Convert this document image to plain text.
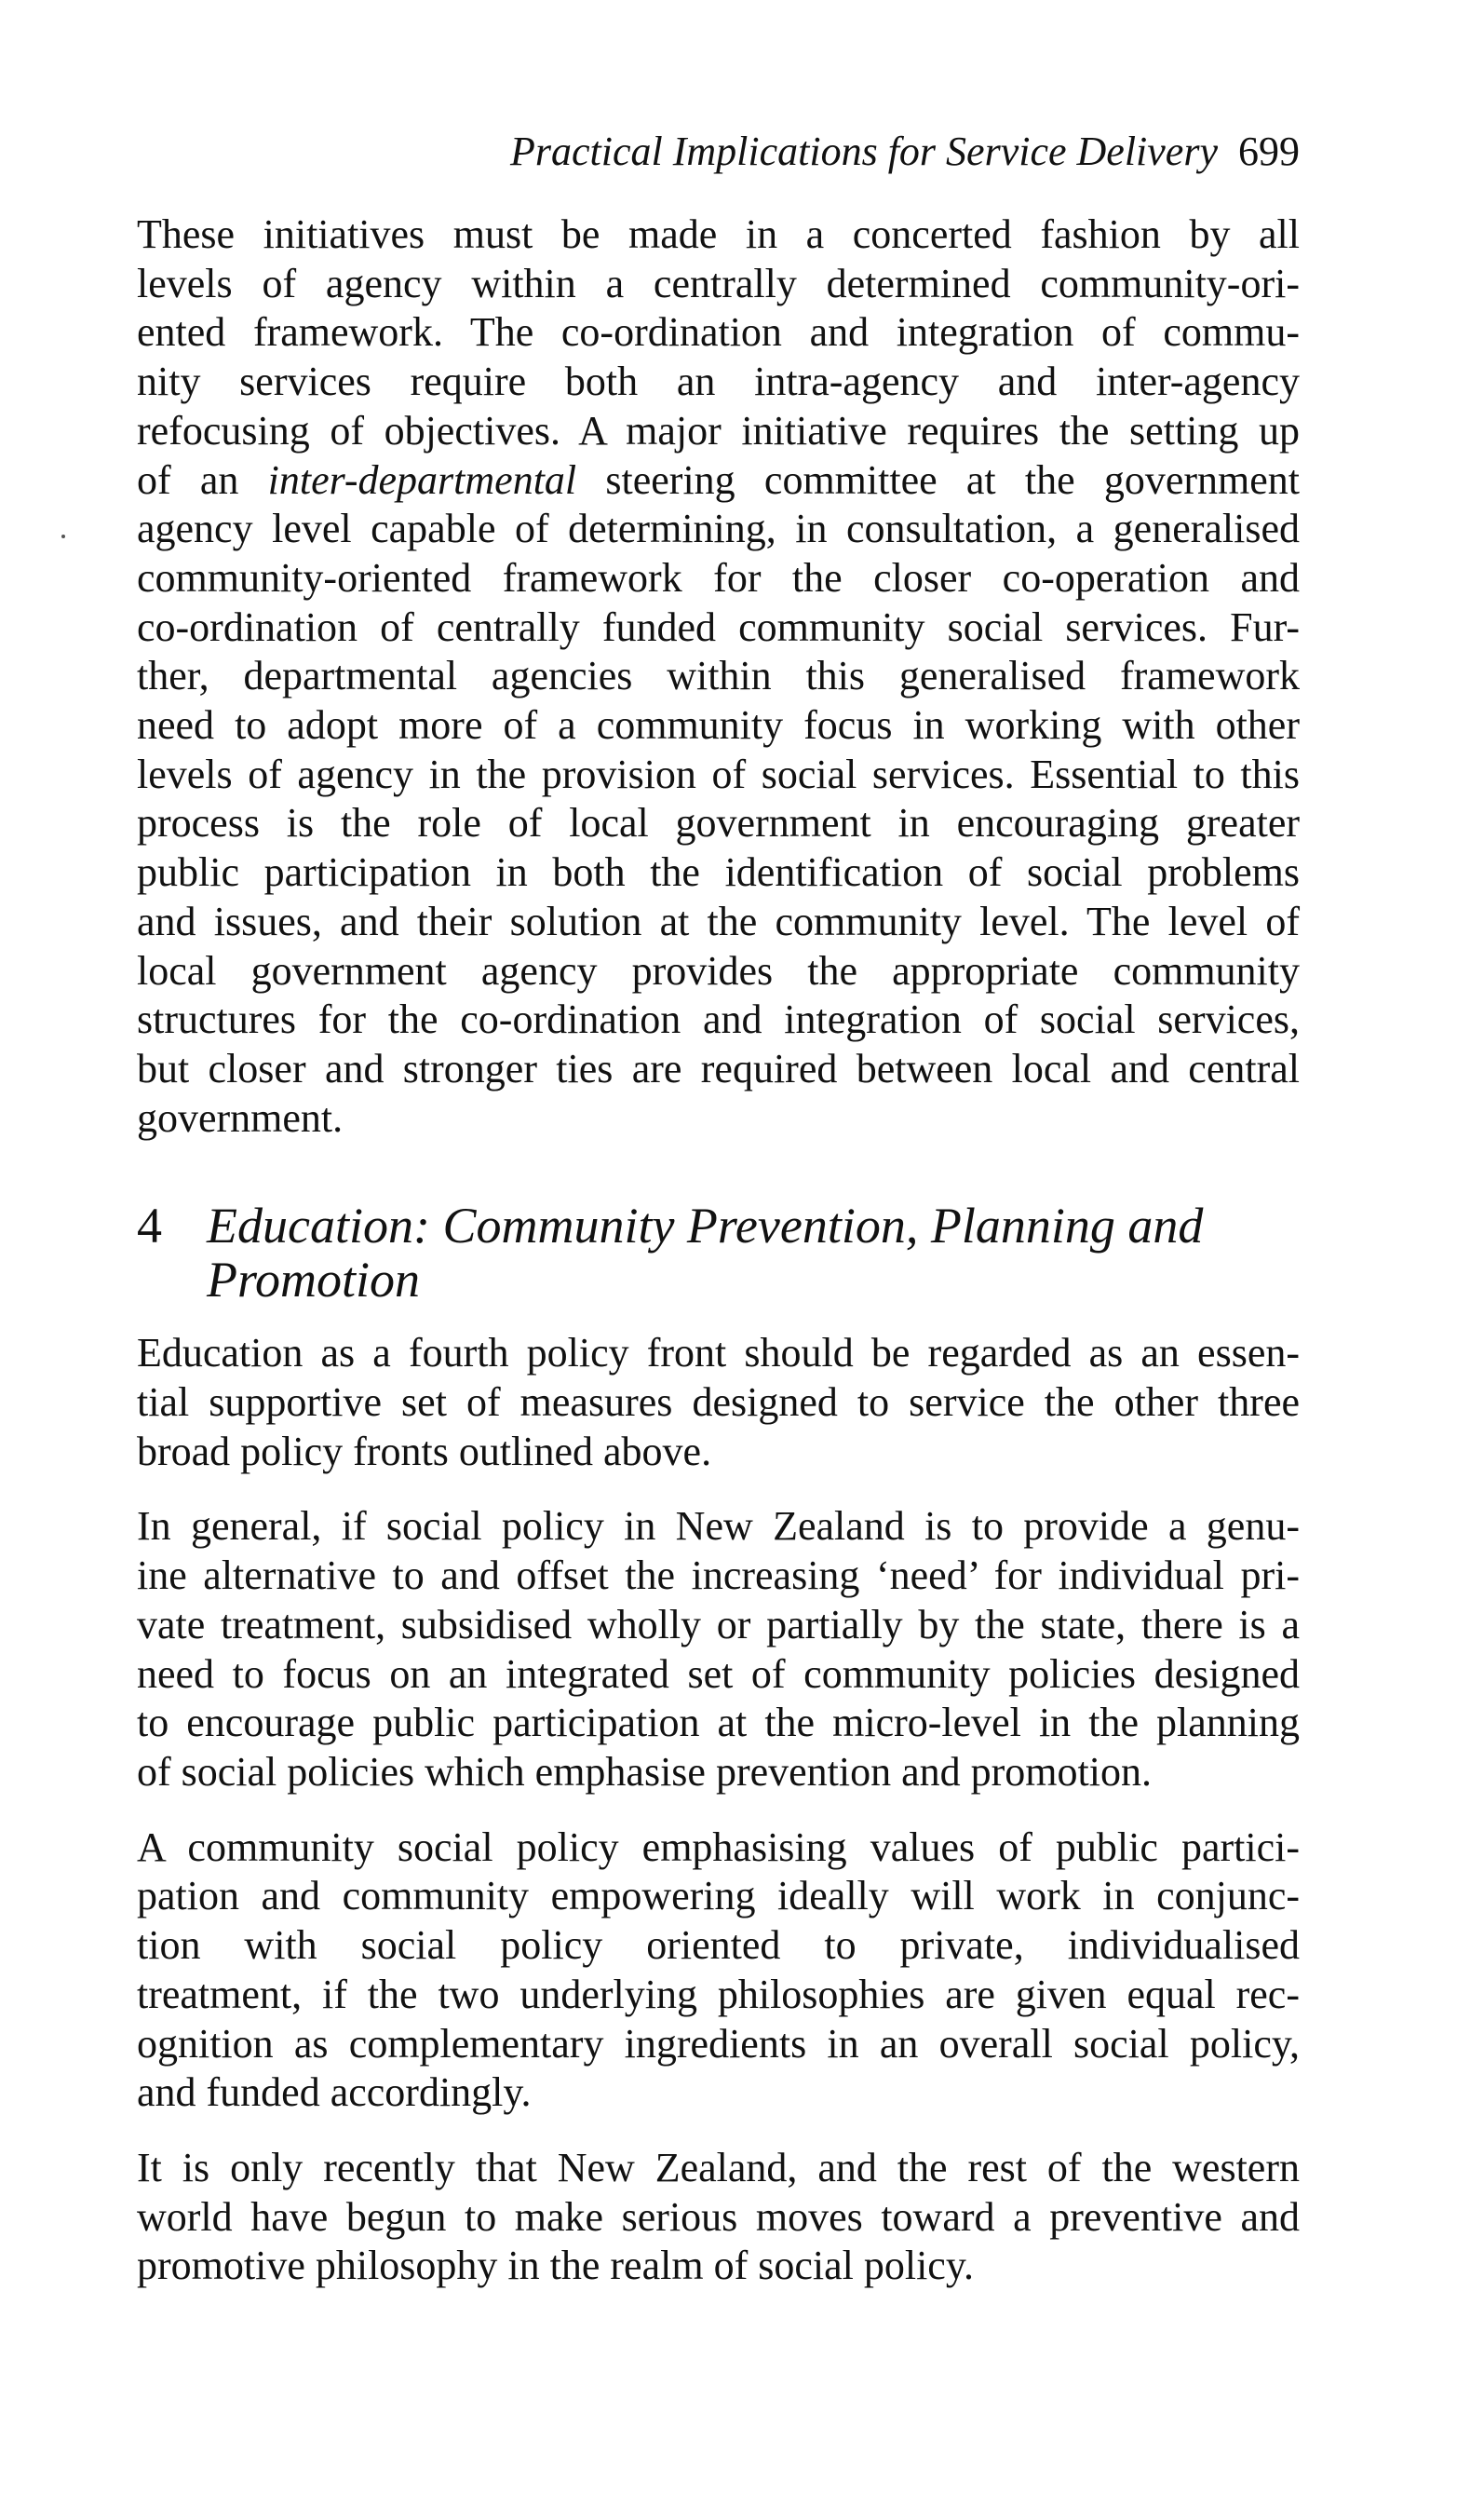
Practical Implications for Service Delivery 699

These initiatives must be made in a concerted fashion by all
levels of agency within a centrally determined community-ori-
ented framework. The co-ordination and integration of commu-
nity services require both an intra-agency and inter-agency
refocusing of objectives. A major initiative requires the setting up
of an inter-departmental steering committee at the government
agency level capable of determining, in consultation, a generalised
community-oriented framework for the closer co-operation and
co-ordination of centrally funded community social services. Fur-
ther, departmental agencies within this generalised framework
need to adopt more of a community focus in working with other
levels of agency in the provision of social services. Essential to this
process is the role of local government in encouraging greater
public participation in both the identification of social problems
and issues, and their solution at the community level. The level of
local government agency provides the appropriate community
structures for the co-ordination and integration of social services,
but closer and stronger ties are required between local and central
government.

4 Education: Community Prevention, Planning and
Promotion

Education as a fourth policy front should be regarded as an essen-
tial supportive set of measures designed to service the other three
broad policy fronts outlined above.

In general, if social policy in New Zealand is to provide a genu-
ine alternative to and offset the increasing ‘need’ for individual pri-
vate treatment, subsidised wholly or partially by the state, there is a
need to focus on an integrated set of community policies designed
to encourage public participation at the micro-level in the planning
of social policies which emphasise prevention and promotion.

A community social policy emphasising values of public partici-
pation and community empowering ideally will work in conjunc-
tion with social policy oriented to private, individualised
treatment, if the two underlying philosophies are given equal rec-
ognition as complementary ingredients in an overall social policy,
and funded accordingly.

It is only recently that New Zealand, and the rest of the western
world have begun to make serious moves toward a preventive and
promotive philosophy in the realm of social policy.
